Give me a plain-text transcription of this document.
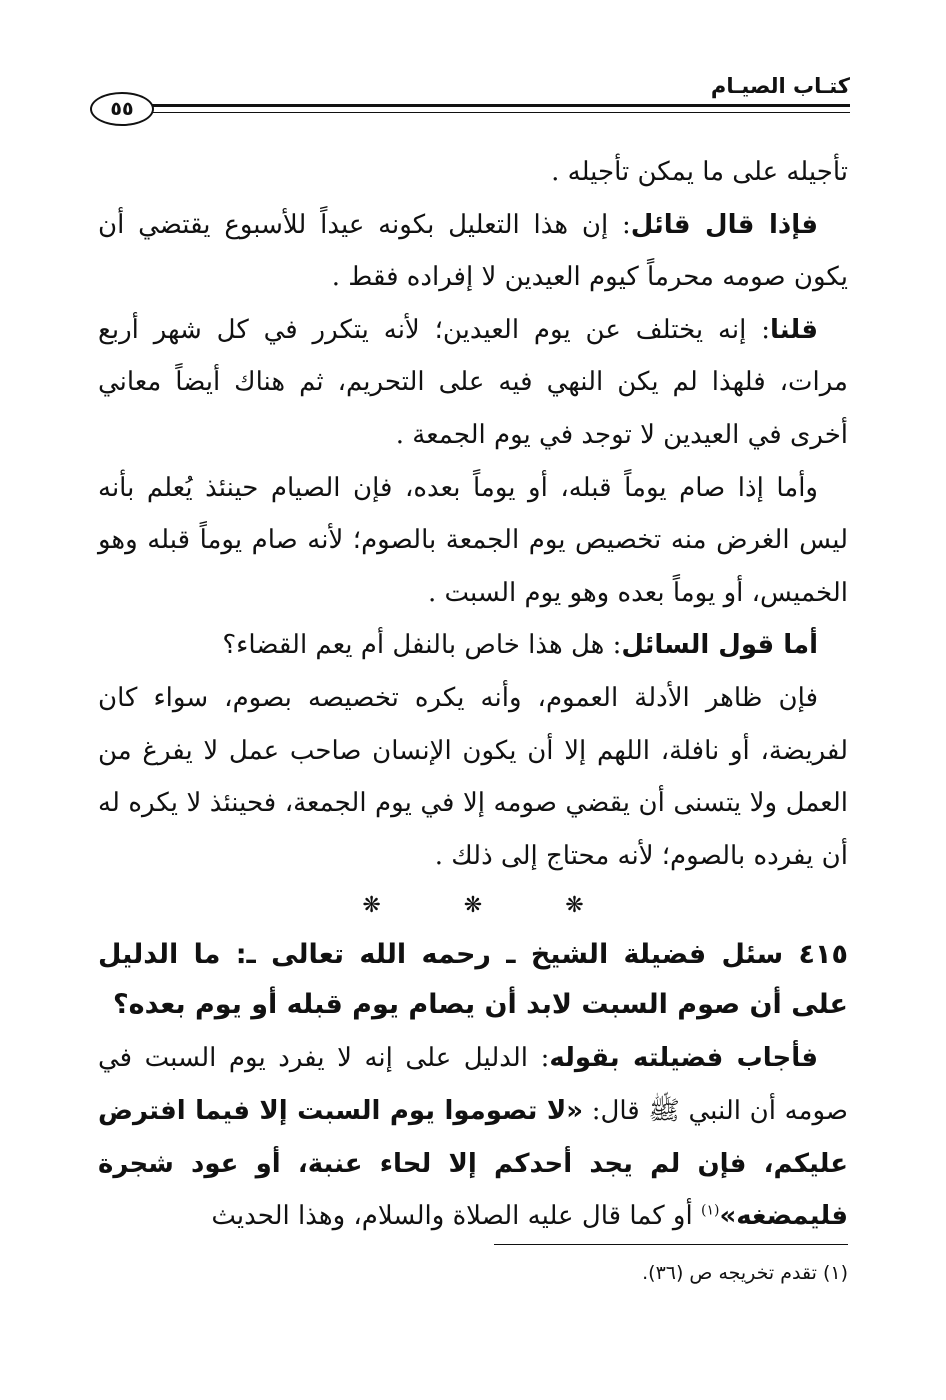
كتـاب الصيـام
٥٥

تأجيله على ما يمكن تأجيله .

فإذا قال قائل: إن هذا التعليل بكونه عيداً للأسبوع يقتضي أن يكون صومه محرماً كيوم العيدين لا إفراده فقط .

قلنا: إنه يختلف عن يوم العيدين؛ لأنه يتكرر في كل شهر أربع مرات، فلهذا لم يكن النهي فيه على التحريم، ثم هناك أيضاً معاني أخرى في العيدين لا توجد في يوم الجمعة .

وأما إذا صام يوماً قبله، أو يوماً بعده، فإن الصيام حينئذ يُعلم بأنه ليس الغرض منه تخصيص يوم الجمعة بالصوم؛ لأنه صام يوماً قبله وهو الخميس، أو يوماً بعده وهو يوم السبت .

أما قول السائل: هل هذا خاص بالنفل أم يعم القضاء؟

فإن ظاهر الأدلة العموم، وأنه يكره تخصيصه بصوم، سواء كان لفريضة، أو نافلة، اللهم إلا أن يكون الإنسان صاحب عمل لا يفرغ من العمل ولا يتسنى أن يقضي صومه إلا في يوم الجمعة، فحينئذ لا يكره له أن يفرده بالصوم؛ لأنه محتاج إلى ذلك .

❋ ❋ ❋

٤١٥ سئل فضيلة الشيخ ـ رحمه الله تعالى ـ: ما الدليل على أن صوم السبت لابد أن يصام يوم قبله أو يوم بعده؟

فأجاب فضيلته بقوله: الدليل على إنه لا يفرد يوم السبت في صومه أن النبي ﷺ قال: «لا تصوموا يوم السبت إلا فيما افترض عليكم، فإن لم يجد أحدكم إلا لحاء عنبة، أو عود شجرة فليمضغه»$^{(١)}$ أو كما قال عليه الصلاة والسلام، وهذا الحديث

(١) تقدم تخريجه ص (٣٦).
